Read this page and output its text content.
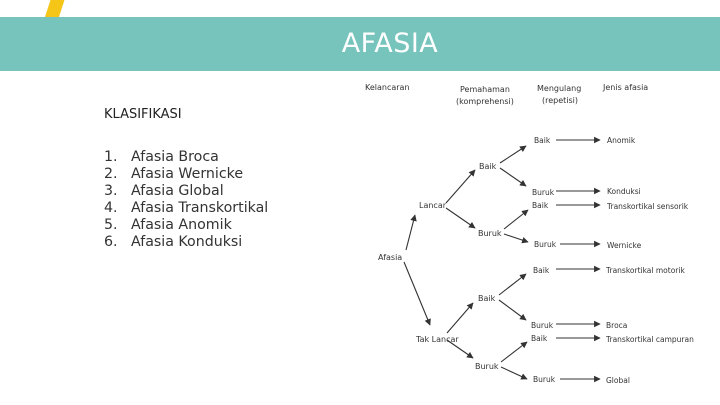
AFASIA
KLASIFIKASI
1. Afasia Broca
2. Afasia Wernicke
3. Afasia Global
4. Afasia Transkortikal
5. Afasia Anomik
6. Afasia Konduksi
Kelancaran	Pemahaman
(komprehensi)
Mengulang
(repetisi)
Jenis afasia
Afasia
Lancar
Baik
Buruk
Baik
Buruk
Baik
Buruk
Anomik
Konduksi
Transkortikal sensorik
Wernicke
Tak Lancar
Baik
Buruk
Baik
Buruk
Baik
Buruk
Transkortikal motorik
Broca
Transkortikal campuran
Global
